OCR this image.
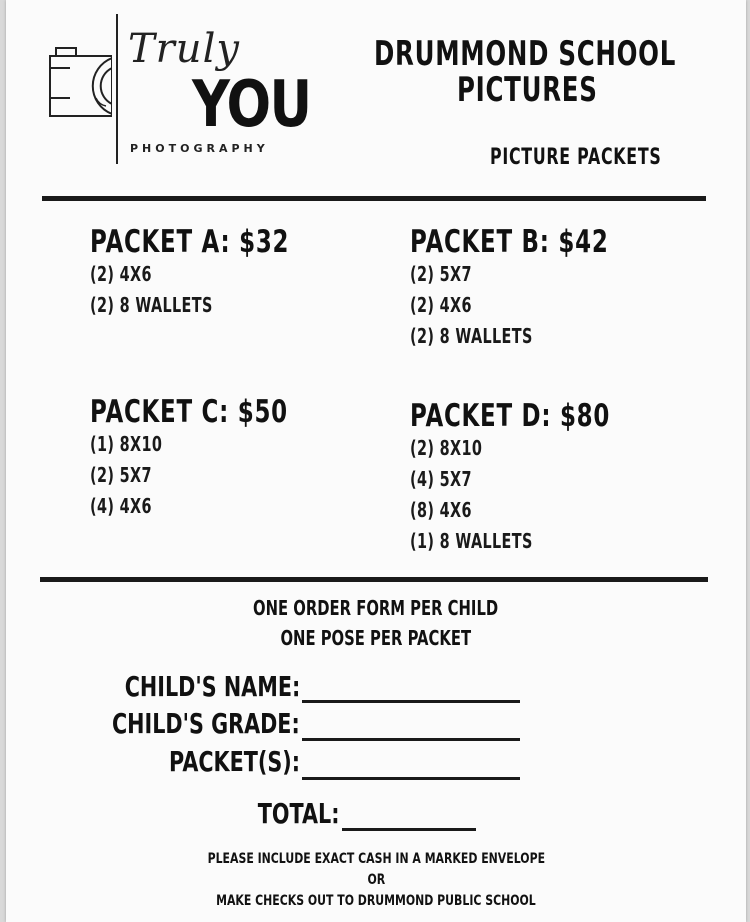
Truly
YOU
PHOTOGRAPHY
DRUMMOND SCHOOL
PICTURES
PICTURE PACKETS
PACKET A: $32
(2) 4X6
(2) 8 WALLETS
PACKET B: $42
(2) 5X7
(2) 4X6
(2) 8 WALLETS
PACKET C: $50
(1) 8X10
(2) 5X7
(4) 4X6
PACKET D: $80
(2) 8X10
(4) 5X7
(8) 4X6
(1) 8 WALLETS
ONE ORDER FORM PER CHILD
ONE POSE PER PACKET
CHILD'S NAME:
CHILD'S GRADE:
PACKET(S):
TOTAL:
PLEASE INCLUDE EXACT CASH IN A MARKED ENVELOPE
OR
MAKE CHECKS OUT TO DRUMMOND PUBLIC SCHOOL
